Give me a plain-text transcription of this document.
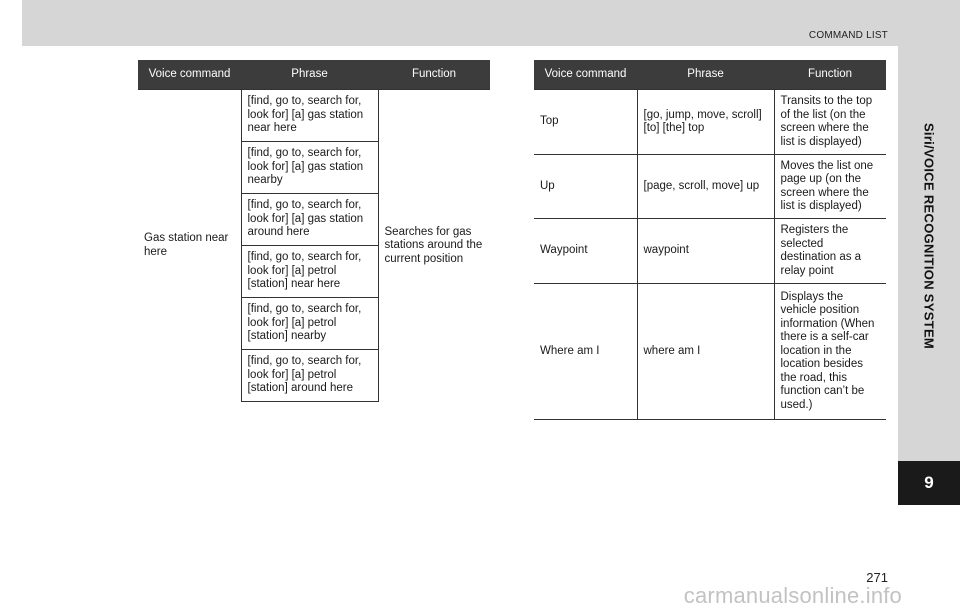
COMMAND LIST
Siri/VOICE RECOGNITION SYSTEM
9
Voice command	Phrase	Function
Gas station near here	[find, go to, search for, look for] [a] gas station near here	Searches for gas stations around the current position
	[find, go to, search for, look for] [a] gas station nearby	
	[find, go to, search for, look for] [a] gas station around here	
	[find, go to, search for, look for] [a] petrol [station] near here	
	[find, go to, search for, look for] [a] petrol [station] nearby	
	[find, go to, search for, look for] [a] petrol [station] around here	
Voice command	Phrase	Function
Top	[go, jump, move, scroll] [to] [the] top	Transits to the top of the list (on the screen where the list is displayed)
Up	[page, scroll, move] up	Moves the list one page up (on the screen where the list is displayed)
Waypoint	waypoint	Registers the selected destination as a relay point
Where am I	where am I	Displays the vehicle position information (When there is a self-car location in the location besides the road, this function can’t be used.)
271
carmanualsonline.info
